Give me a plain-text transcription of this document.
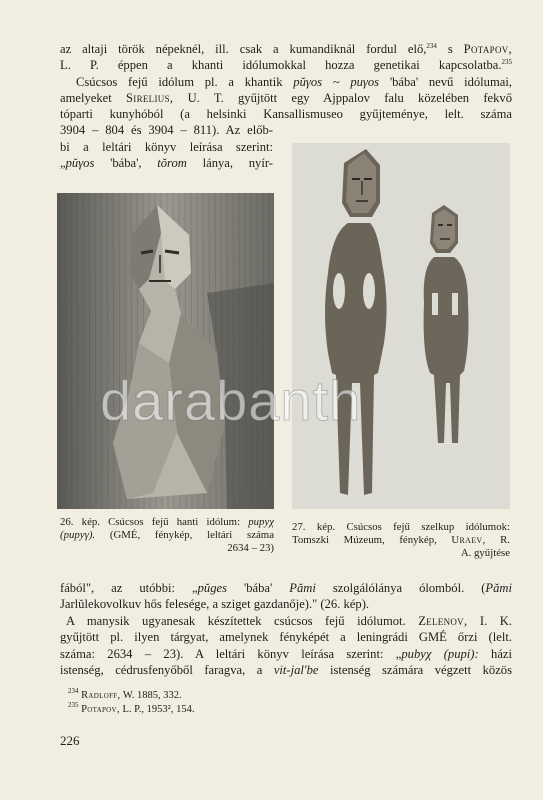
az altaji török népeknél, ill. csak a kumandiknál fordul elő,$^{234}$ s Potapov,
L. P. éppen a khanti idólumokkal hozza genetikai kapcsolatba.$^{235}$
Csúcsos fejű idólum pl. a khantik pŭγos ~ puγos 'bába' nevű idólumai,
amelyeket Sirelius, U. T. gyűjtött egy Ajppalov falu közelében fekvő
tóparti kunyhóból (a helsinki Kansallismuseo gyűjteménye, lelt. száma
3904 – 804 és 3904 – 811). Az előb-
bi a leltári könyv leírása szerint:
„pŭγos 'bába', tŏrom lánya, nyír-
26. kép. Csúcsos fejű hanti idólum: pupyχ
(pupyγ). (GMÉ, fénykép, leltári száma
2634 – 23)
27. kép. Csúcsos fejű szelkup idólumok:
Tomszki Múzeum, fénykép, Uraev, R.
A. gyűjtése
fából", az utóbbi: „pŭges 'bába' Pămi szolgálólánya ólomból. (Pămi
Jarlŭlekovolkuv hős felesége, a sziget gazdanője)." (26. kép).
A manysik ugyanesak készítettek csúcsos fejű idólumot. Zelenov, I. K.
gyűjtött pl. ilyen tárgyat, amelynek fényképét a leningrádi GMÉ őrzi (lelt.
száma: 2634 – 23). A leltári könyv leírása szerint: „pubyχ (pupi): házi
istenség, cédrusfenyőből faragva, a vit-jal'be istenség számára végzett közös
$^{234}$ Radloff, W. 1885, 332.
$^{235}$ Potapov, L. P., 1953², 154.
226
darabanth
